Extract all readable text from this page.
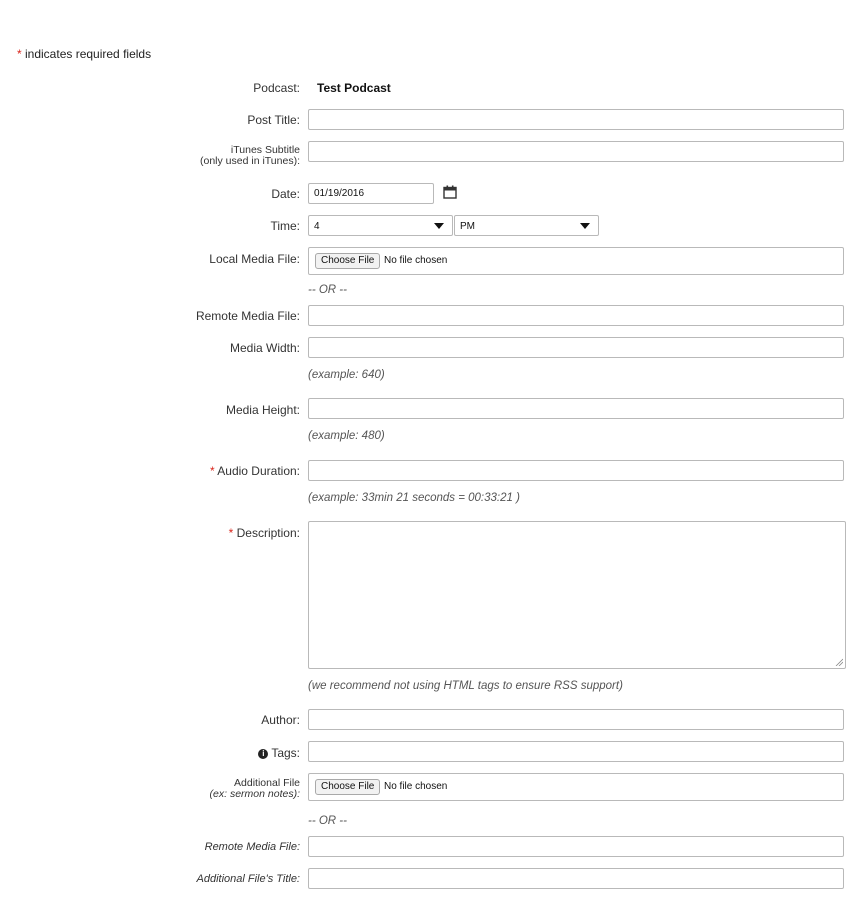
* indicates required fields
Podcast: Test Podcast
Post Title:
iTunes Subtitle
(only used in iTunes):
Date:	01/19/2016
Time:	4	PM
Local Media File:	Choose File No file chosen
-- OR --
Remote Media File:
Media Width:
(example: 640)
Media Height:
(example: 480)
* Audio Duration:
(example: 33min 21 seconds = 00:33:21 )
* Description:
(we recommend not using HTML tags to ensure RSS support)
Author:
i Tags:
Additional File
(ex: sermon notes):
Choose File No file chosen
-- OR --
Remote Media File:
Additional File's Title:
